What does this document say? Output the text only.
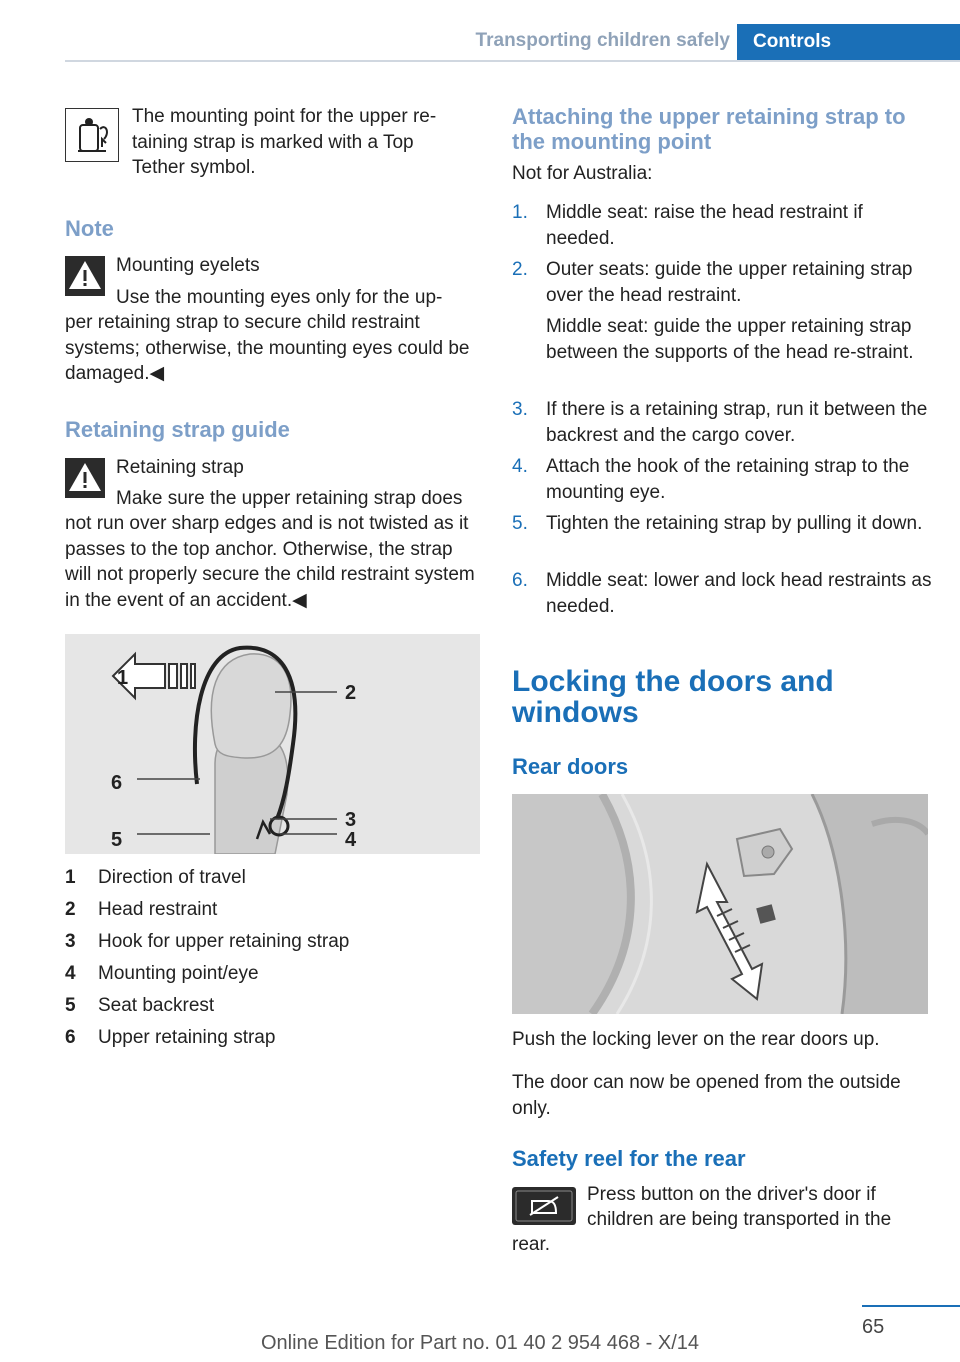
Transporting children safely	Controls
The mounting point for the upper re-taining strap is marked with a Top Tether symbol.
Note
Mounting eyelets
Use the mounting eyes only for the up-
per retaining strap to secure child restraint systems; otherwise, the mounting eyes could be damaged.◀
Retaining strap guide
Retaining strap
Make sure the upper retaining strap does
not run over sharp edges and is not twisted as it passes to the top anchor. Otherwise, the strap will not properly secure the child restraint system in the event of an accident.◀
1
2
3
4
5
6
1 Direction of travel
2 Head restraint
3 Hook for upper retaining strap
4 Mounting point/eye
5 Seat backrest
6 Upper retaining strap
Attaching the upper retaining strap to the mounting point
Not for Australia:
1. Middle seat: raise the head restraint if needed.
2. Outer seats: guide the upper retaining strap over the head restraint.
Middle seat: guide the upper retaining strap between the supports of the head re-straint.
3. If there is a retaining strap, run it between the backrest and the cargo cover.
4. Attach the hook of the retaining strap to the mounting eye.
5. Tighten the retaining strap by pulling it down.
6. Middle seat: lower and lock head restraints as needed.
Locking the doors and windows
Rear doors
Push the locking lever on the rear doors up.
The door can now be opened from the outside only.
Safety reel for the rear
Press button on the driver's door if
children are being transported in the
rear.
65
Online Edition for Part no. 01 40 2 954 468 - X/14
